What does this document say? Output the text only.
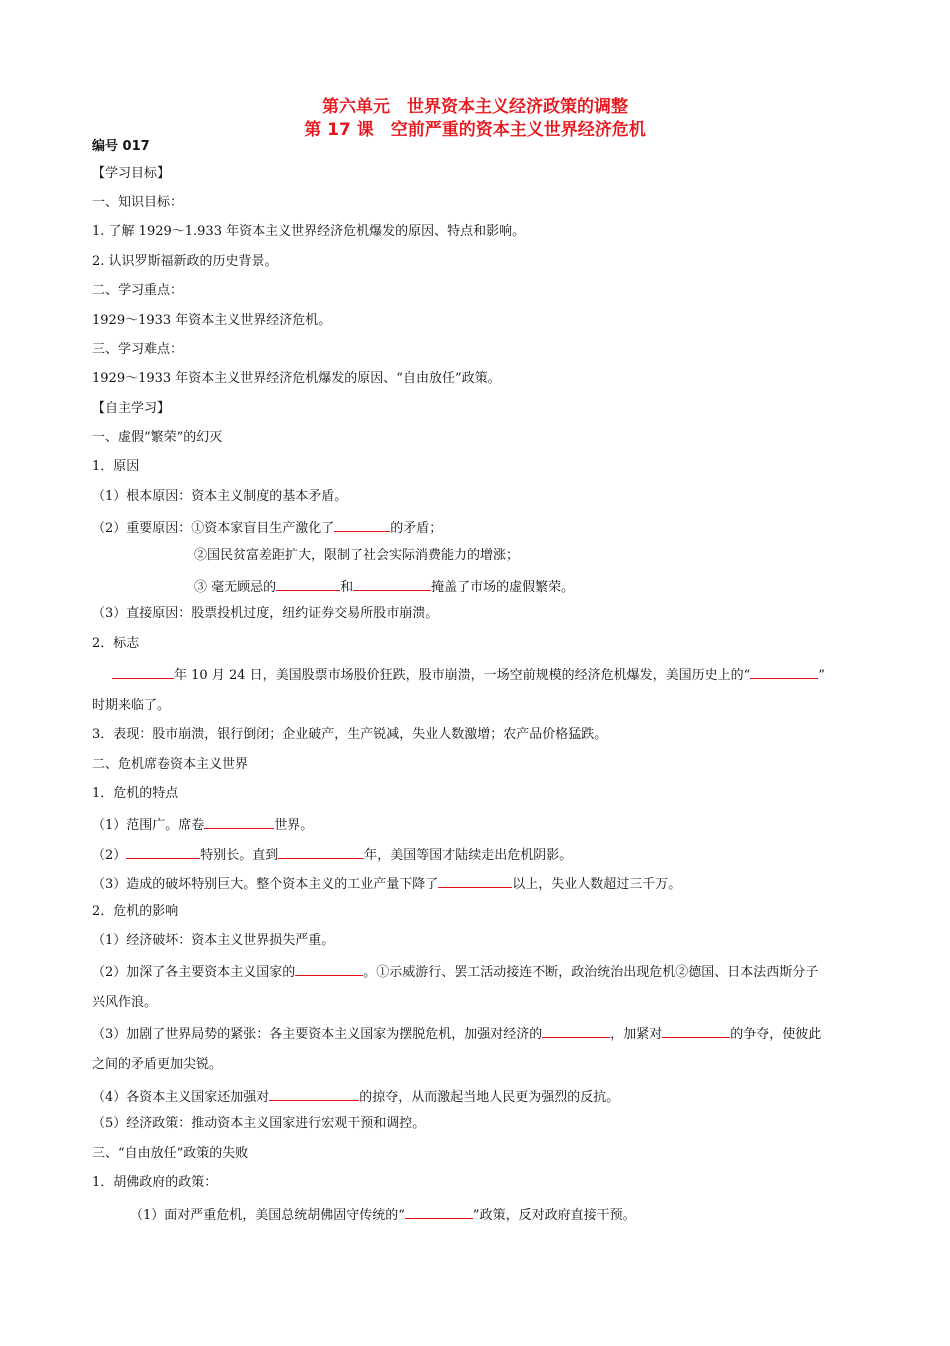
第六单元　世界资本主义经济政策的调整
第 17 课　空前严重的资本主义世界经济危机
编号 017
【学习目标】
一、知识目标：
1. 了解 1929～1.933 年资本主义世界经济危机爆发的原因、特点和影响。
2. 认识罗斯福新政的历史背景。
二、学习重点：
1929～1933 年资本主义世界经济危机。
三、学习难点：
1929～1933 年资本主义世界经济危机爆发的原因、“自由放任”政策。
【自主学习】
一、虚假“繁荣”的幻灭
1．原因
（1）根本原因：资本主义制度的基本矛盾。
（2）重要原因：①资本家盲目生产激化了	的矛盾；
②国民贫富差距扩大，限制了社会实际消费能力的增涨；
③ 毫无顾忌的	和	掩盖了市场的虚假繁荣。
（3）直接原因：股票投机过度，纽约证券交易所股市崩溃。
2．标志
年 10 月 24 日，美国股票市场股价狂跌，股市崩溃，一场空前规模的经济危机爆发，美国历史上的“	”
时期来临了。
3．表现：股市崩溃，银行倒闭；企业破产，生产锐减，失业人数激增；农产品价格猛跌。
二、危机席卷资本主义世界
1．危机的特点
（1）范围广。席卷	世界。
（2）	特别长。直到	年，美国等国才陆续走出危机阴影。
（3）造成的破坏特别巨大。整个资本主义的工业产量下降了	以上，失业人数超过三千万。
2．危机的影响
（1）经济破坏：资本主义世界损失严重。
（2）加深了各主要资本主义国家的	。①示威游行、罢工活动接连不断，政治统治出现危机②德国、日本法西斯分子
兴风作浪。
（3）加剧了世界局势的紧张：各主要资本主义国家为摆脱危机，加强对经济的	，加紧对	的争夺，使彼此
之间的矛盾更加尖锐。
（4）各资本主义国家还加强对	的掠夺，从而激起当地人民更为强烈的反抗。
（5）经济政策：推动资本主义国家进行宏观干预和调控。
三、“自由放任”政策的失败
1．胡佛政府的政策：
（1）面对严重危机，美国总统胡佛固守传统的“	”政策，反对政府直接干预。
